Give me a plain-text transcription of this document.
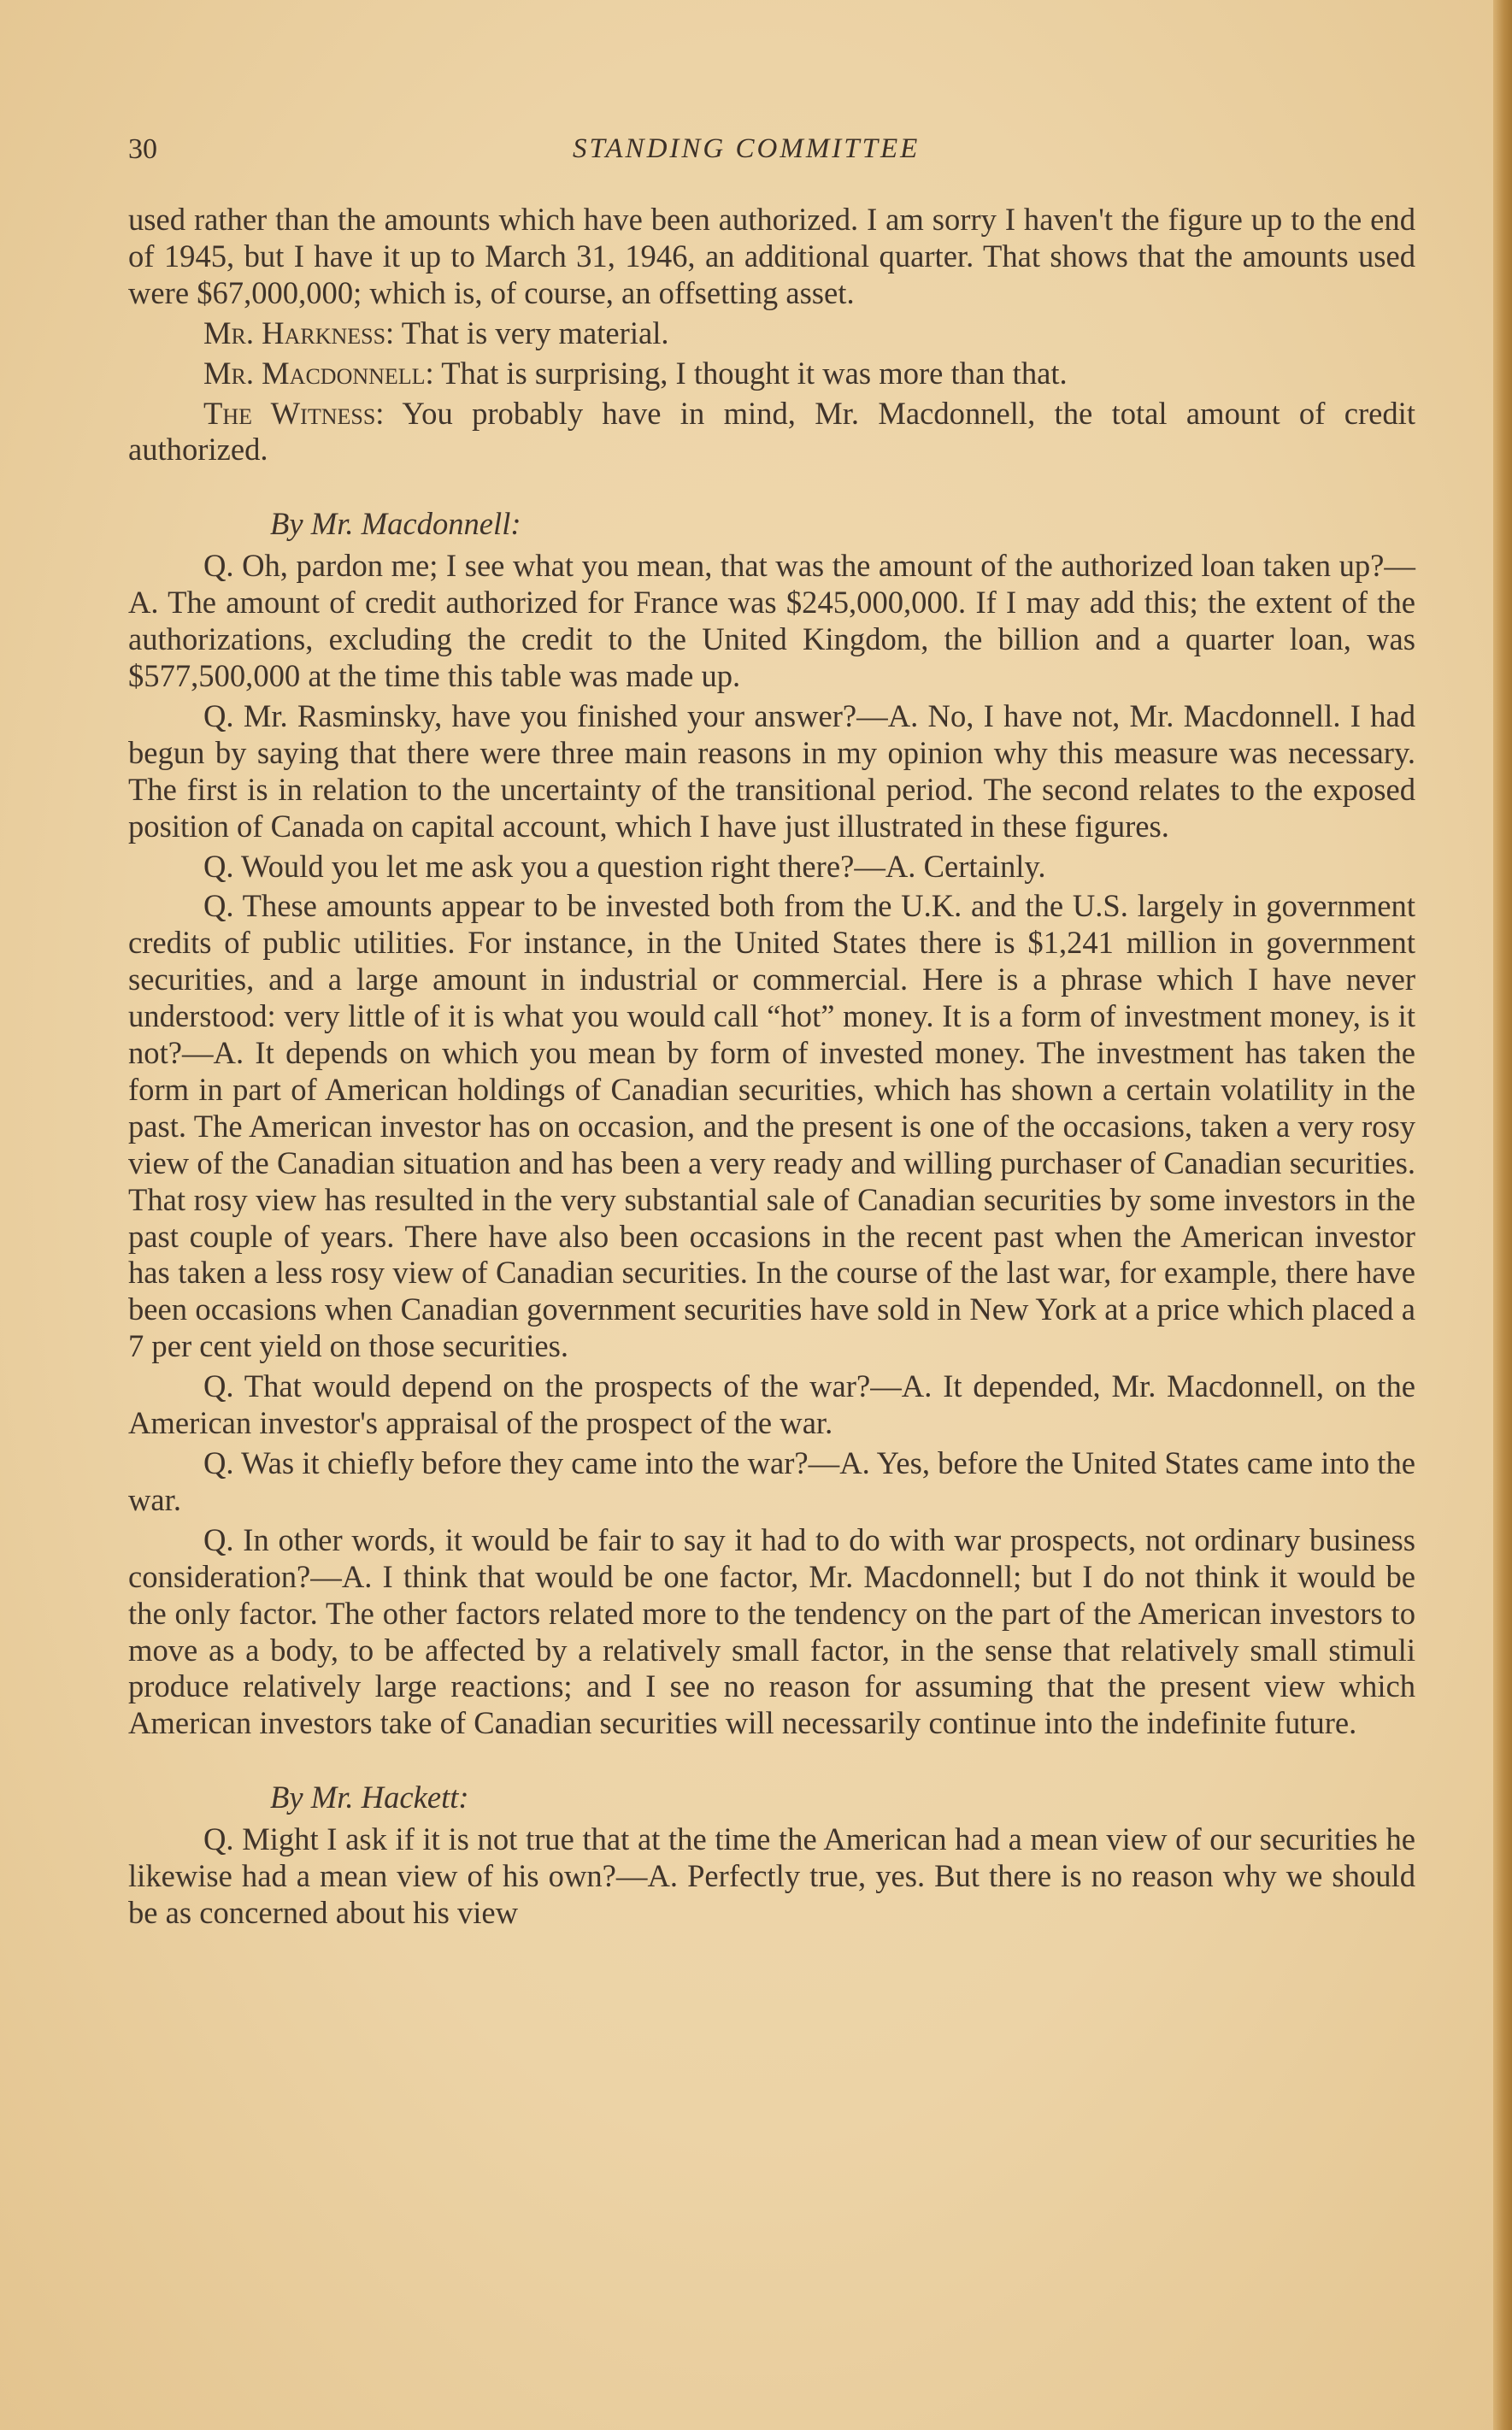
30	STANDING COMMITTEE

used rather than the amounts which have been authorized. I am sorry I haven't the figure up to the end of 1945, but I have it up to March 31, 1946, an additional quarter. That shows that the amounts used were $67,000,000; which is, of course, an offsetting asset.

Mr. Harkness: That is very material.

Mr. Macdonnell: That is surprising, I thought it was more than that.

The Witness: You probably have in mind, Mr. Macdonnell, the total amount of credit authorized.

By Mr. Macdonnell:

Q. Oh, pardon me; I see what you mean, that was the amount of the authorized loan taken up?—A. The amount of credit authorized for France was $245,000,000. If I may add this; the extent of the authorizations, excluding the credit to the United Kingdom, the billion and a quarter loan, was $577,500,000 at the time this table was made up.

Q. Mr. Rasminsky, have you finished your answer?—A. No, I have not, Mr. Macdonnell. I had begun by saying that there were three main reasons in my opinion why this measure was necessary. The first is in relation to the uncertainty of the transitional period. The second relates to the exposed position of Canada on capital account, which I have just illustrated in these figures.

Q. Would you let me ask you a question right there?—A. Certainly.

Q. These amounts appear to be invested both from the U.K. and the U.S. largely in government credits of public utilities. For instance, in the United States there is $1,241 million in government securities, and a large amount in industrial or commercial. Here is a phrase which I have never understood: very little of it is what you would call “hot” money. It is a form of investment money, is it not?—A. It depends on which you mean by form of invested money. The investment has taken the form in part of American holdings of Canadian securities, which has shown a certain volatility in the past. The American investor has on occasion, and the present is one of the occasions, taken a very rosy view of the Canadian situation and has been a very ready and willing purchaser of Canadian securities. That rosy view has resulted in the very substantial sale of Canadian securities by some investors in the past couple of years. There have also been occasions in the recent past when the American investor has taken a less rosy view of Canadian securities. In the course of the last war, for example, there have been occasions when Canadian government securities have sold in New York at a price which placed a 7 per cent yield on those securities.

Q. That would depend on the prospects of the war?—A. It depended, Mr. Macdonnell, on the American investor's appraisal of the prospect of the war.

Q. Was it chiefly before they came into the war?—A. Yes, before the United States came into the war.

Q. In other words, it would be fair to say it had to do with war prospects, not ordinary business consideration?—A. I think that would be one factor, Mr. Macdonnell; but I do not think it would be the only factor. The other factors related more to the tendency on the part of the American investors to move as a body, to be affected by a relatively small factor, in the sense that relatively small stimuli produce relatively large reactions; and I see no reason for assuming that the present view which American investors take of Canadian securities will necessarily continue into the indefinite future.

By Mr. Hackett:

Q. Might I ask if it is not true that at the time the American had a mean view of our securities he likewise had a mean view of his own?—A. Perfectly true, yes. But there is no reason why we should be as concerned about his view
